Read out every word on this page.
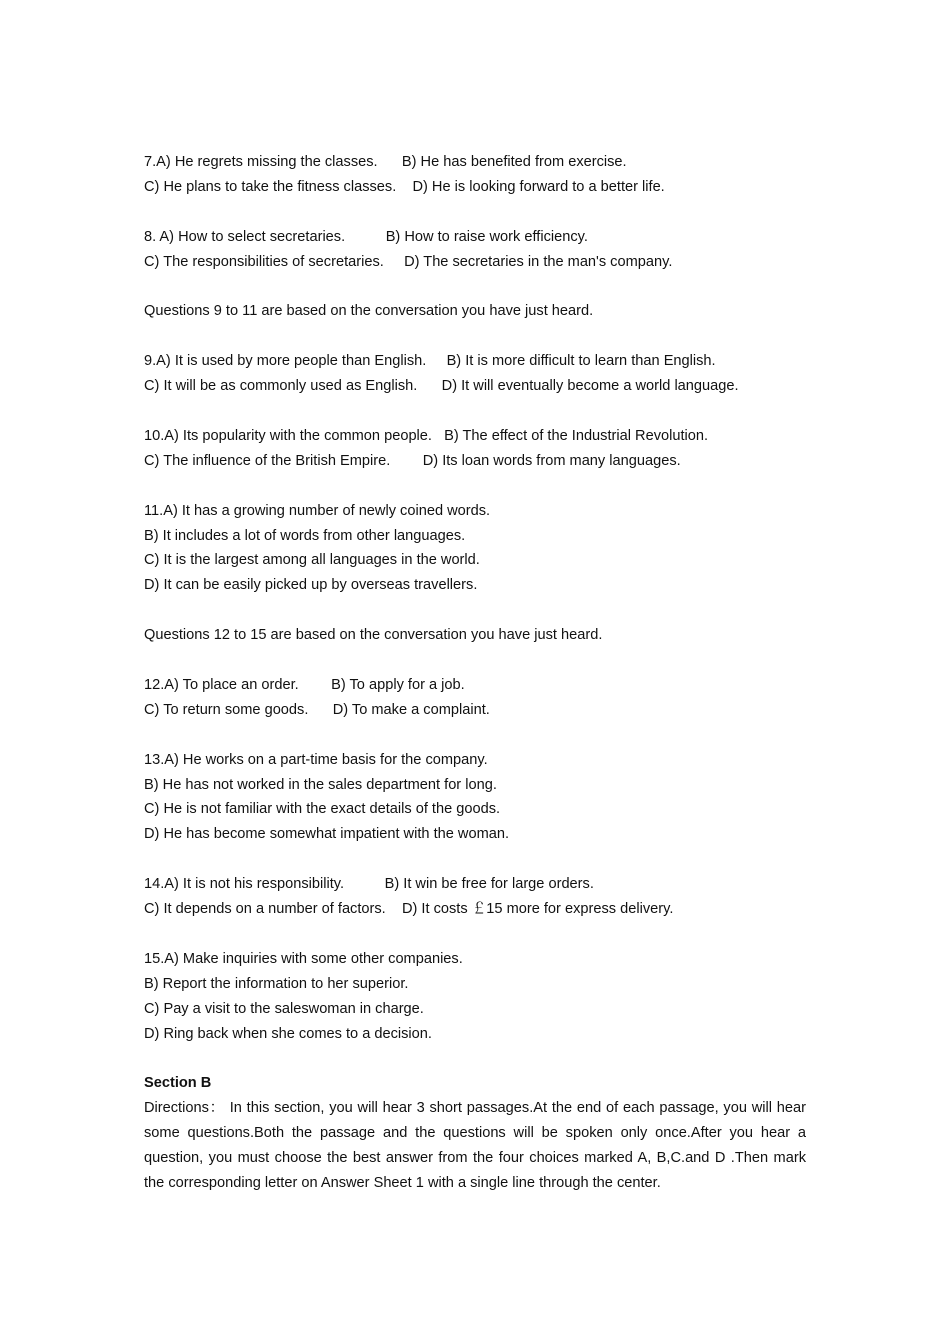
7.A) He regrets missing the classes.      B) He has benefited from exercise.
C) He plans to take the fitness classes.    D) He is looking forward to a better life.
8. A) How to select secretaries.          B) How to raise work efficiency.
C) The responsibilities of secretaries.     D) The secretaries in the man's company.
Questions 9 to 11 are based on the conversation you have just heard.
9.A) It is used by more people than English.     B) It is more difficult to learn than English.
C) It will be as commonly used as English.      D) It will eventually become a world language.
10.A) Its popularity with the common people.   B) The effect of the Industrial Revolution.
C) The influence of the British Empire.        D) Its loan words from many languages.
11.A) It has a growing number of newly coined words.
B) It includes a lot of words from other languages.
C) It is the largest among all languages in the world.
D) It can be easily picked up by overseas travellers.
Questions 12 to 15 are based on the conversation you have just heard.
12.A) To place an order.        B) To apply for a job.
C) To return some goods.      D) To make a complaint.
13.A) He works on a part-time basis for the company.
B) He has not worked in the sales department for long.
C) He is not familiar with the exact details of the goods.
D) He has become somewhat impatient with the woman.
14.A) It is not his responsibility.          B) It win be free for large orders.
C) It depends on a number of factors.    D) It costs ￡15 more for express delivery.
15.A) Make inquiries with some other companies.
B) Report the information to her superior.
C) Pay a visit to the saleswoman in charge.
D) Ring back when she comes to a decision.
Section B
Directions： In this section, you will hear 3 short passages.At the end of each passage, you will hear some questions.Both the passage and the questions will be spoken only once.After you hear a question, you must choose the best answer from the four choices marked A, B,C.and D .Then mark the corresponding letter on Answer Sheet 1 with a single line through the center.
